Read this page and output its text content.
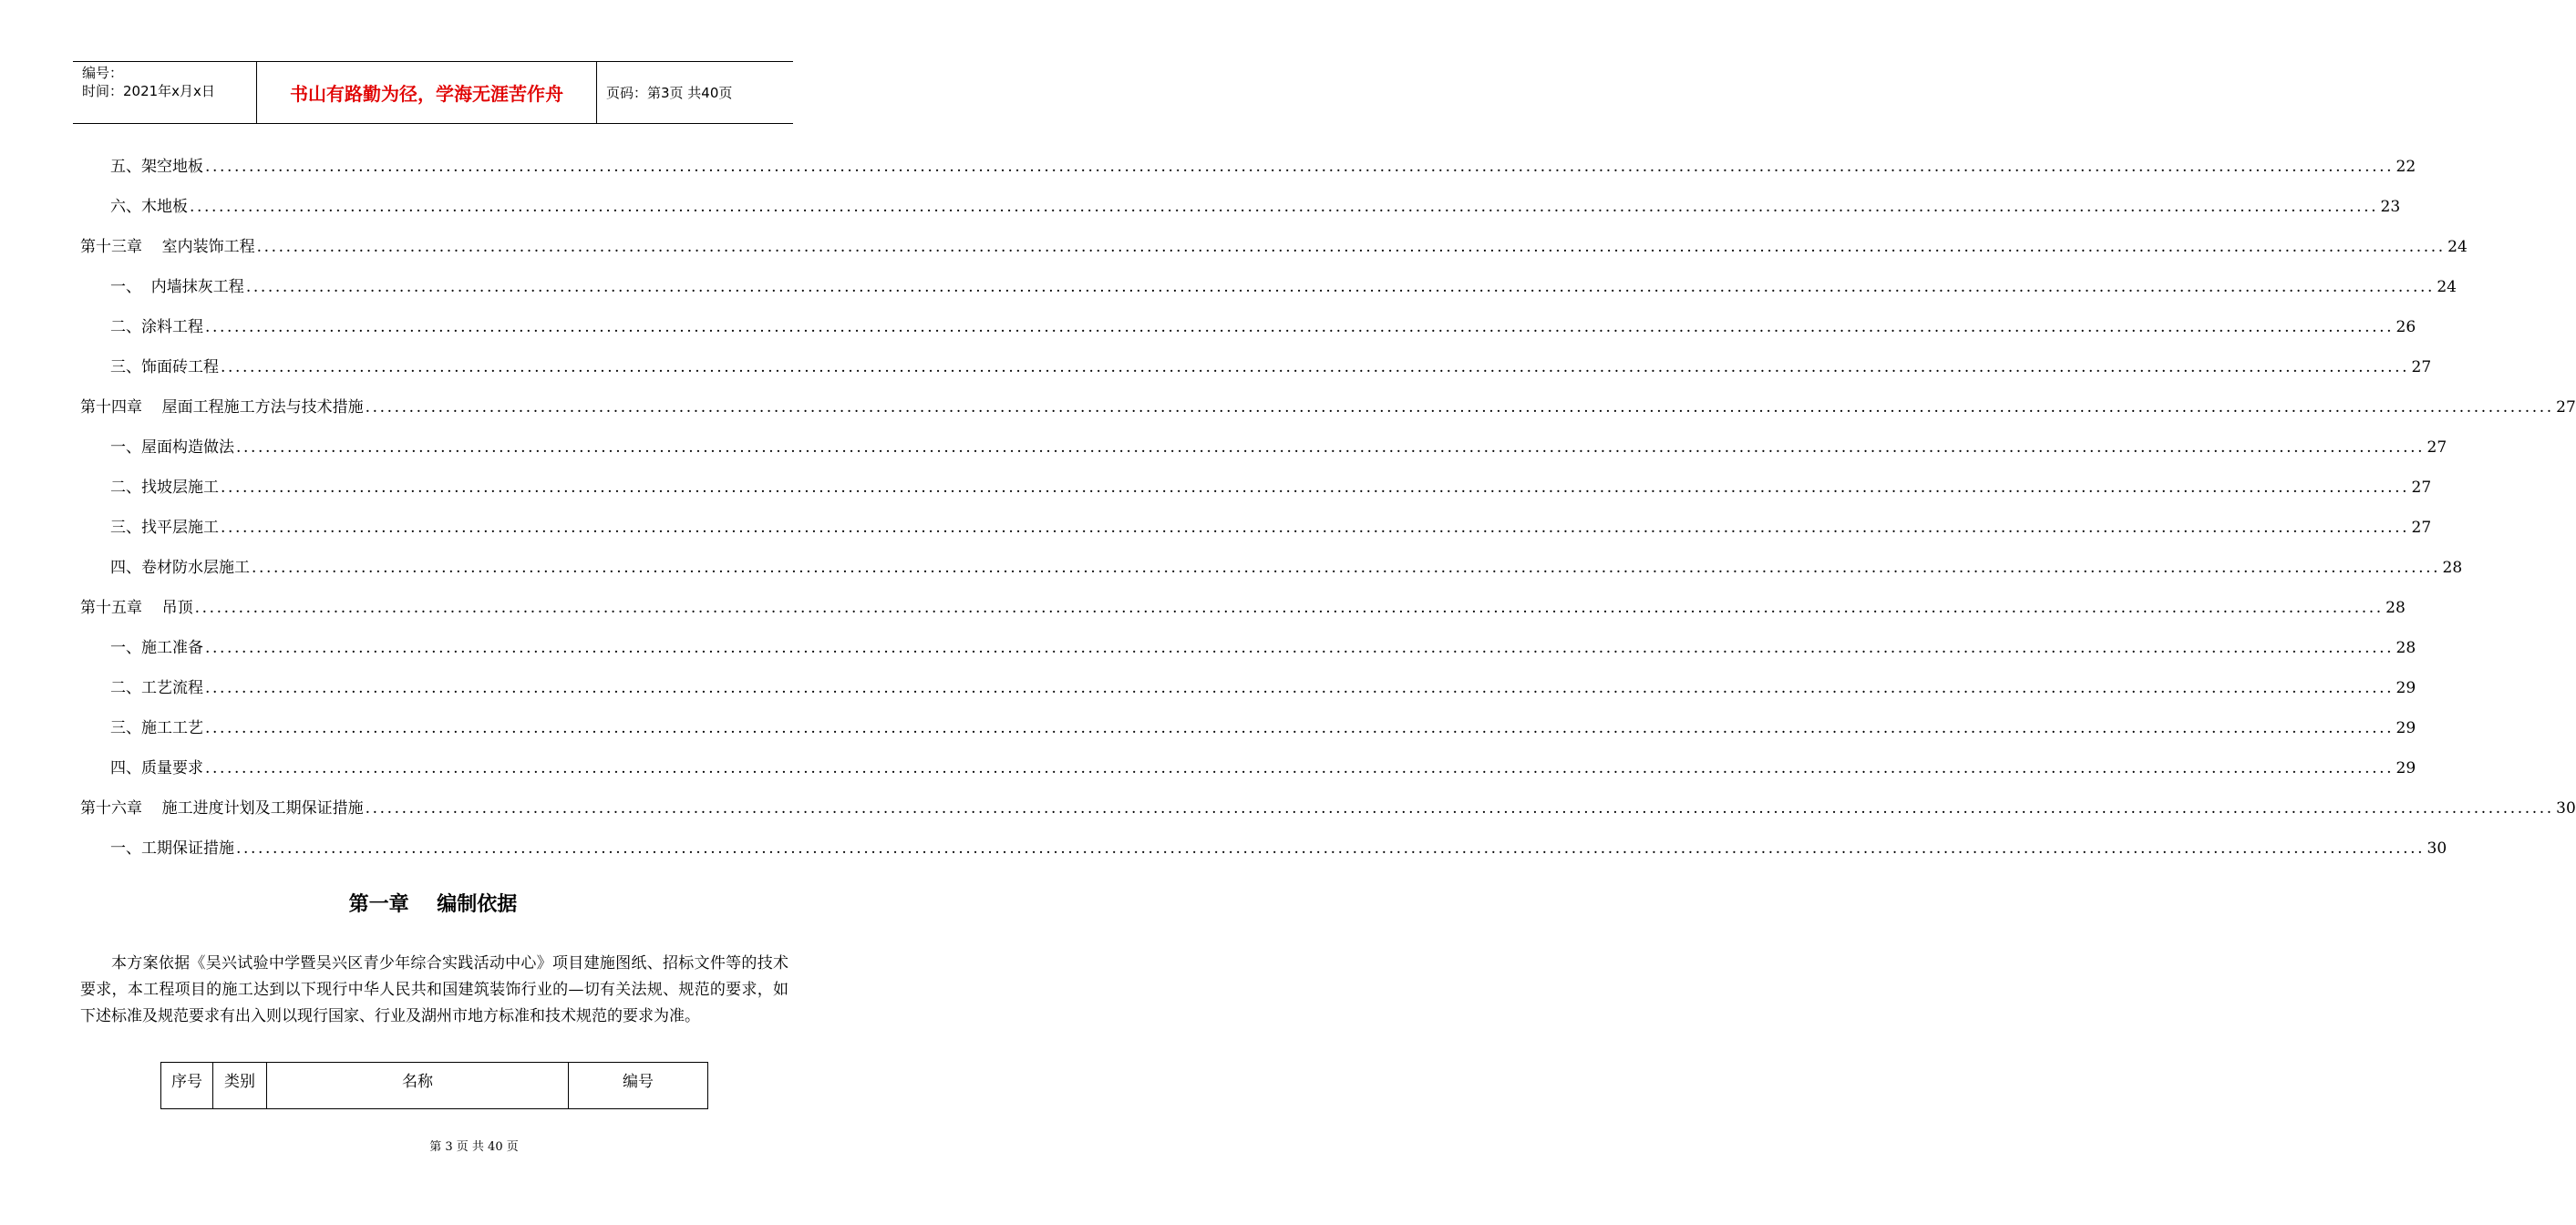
编号：
时间：2021年x月x日	书山有路勤为径，学海无涯苦作舟	页码：第3页 共40页
五、架空地板 ............................................................................................................................................................................................................................................................................................................ 22
六、木地板 ............................................................................................................................................................................................................................................................................................................ 23
第十三章    室内装饰工程 ............................................................................................................................................................................................................................................................................................................ 24
一、  内墙抹灰工程 ............................................................................................................................................................................................................................................................................................................ 24
二、涂料工程 ............................................................................................................................................................................................................................................................................................................ 26
三、饰面砖工程 ............................................................................................................................................................................................................................................................................................................ 27
第十四章    屋面工程施工方法与技术措施 ............................................................................................................................................................................................................................................................................................................ 27
一、屋面构造做法 ............................................................................................................................................................................................................................................................................................................ 27
二、找坡层施工 ............................................................................................................................................................................................................................................................................................................ 27
三、找平层施工 ............................................................................................................................................................................................................................................................................................................ 27
四、卷材防水层施工 ............................................................................................................................................................................................................................................................................................................ 28
第十五章    吊顶 ............................................................................................................................................................................................................................................................................................................ 28
一、施工准备 ............................................................................................................................................................................................................................................................................................................ 28
二、工艺流程 ............................................................................................................................................................................................................................................................................................................ 29
三、施工工艺 ............................................................................................................................................................................................................................................................................................................ 29
四、质量要求 ............................................................................................................................................................................................................................................................................................................ 29
第十六章    施工进度计划及工期保证措施 ............................................................................................................................................................................................................................................................................................................ 30
一、工期保证措施 ............................................................................................................................................................................................................................................................................................................ 30
第一章    编制依据
本方案依据《吴兴试验中学暨吴兴区青少年综合实践活动中心》项目建施图纸、招标文件等的技术要求，本工程项目的施工达到以下现行中华人民共和国建筑装饰行业的—切有关法规、规范的要求，如下述标准及规范要求有出入则以现行国家、行业及湖州市地方标准和技术规范的要求为准。
序号	类别	名称	编号
第 3 页 共 40 页
